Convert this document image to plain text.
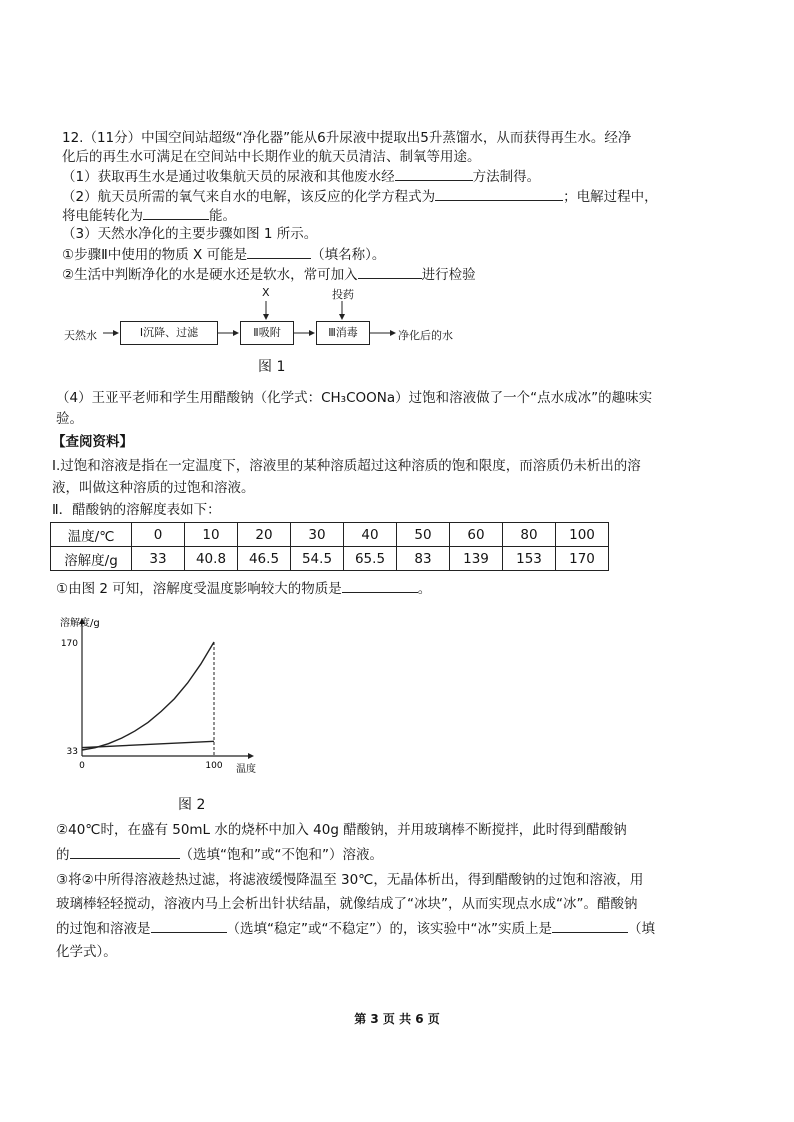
12.（11分）中国空间站超级“净化器”能从6升尿液中提取出5升蒸馏水，从而获得再生水。经净
化后的再生水可满足在空间站中长期作业的航天员清洁、制氧等用途。
（1）获取再生水是通过收集航天员的尿液和其他废水经	方法制得。
（2）航天员所需的氧气来自水的电解，该反应的化学方程式为	；电解过程中，
将电能转化为	能。
（3）天然水净化的主要步骤如图 1 所示。
①步骤Ⅱ中使用的物质 X 可能是	（填名称）。
②生活中判断净化的水是硬水还是软水，常可加入	进行检验
天然水	Ⅰ沉降、过滤	Ⅱ吸附	Ⅲ消毒	净化后的水
X	投药
图 1
（4）王亚平老师和学生用醋酸钠（化学式：CH₃COONa）过饱和溶液做了一个“点水成冰”的趣味实
验。
【查阅资料】
Ⅰ.过饱和溶液是指在一定温度下，溶液里的某种溶质超过这种溶质的饱和限度，而溶质仍未析出的溶
液，叫做这种溶质的过饱和溶液。
Ⅱ．醋酸钠的溶解度表如下：
温度/℃	0	10	20	30	40	50	60	80	100
溶解度/g	33	40.8	46.5	54.5	65.5	83	139	153	170
①由图 2 可知，溶解度受温度影响较大的物质是	。
170
33
0	100
溶解度/g
温度
图 2
②40℃时，在盛有 50mL 水的烧杯中加入 40g 醋酸钠，并用玻璃棒不断搅拌，此时得到醋酸钠
的	（选填“饱和”或“不饱和”）溶液。
③将②中所得溶液趁热过滤，将滤液缓慢降温至 30℃，无晶体析出，得到醋酸钠的过饱和溶液，用
玻璃棒轻轻搅动，溶液内马上会析出针状结晶，就像结成了“冰块”，从而实现点水成“冰”。醋酸钠
的过饱和溶液是	（选填“稳定”或“不稳定”）的，该实验中“冰”实质上是	（填
化学式）。
第 3 页 共 6 页
